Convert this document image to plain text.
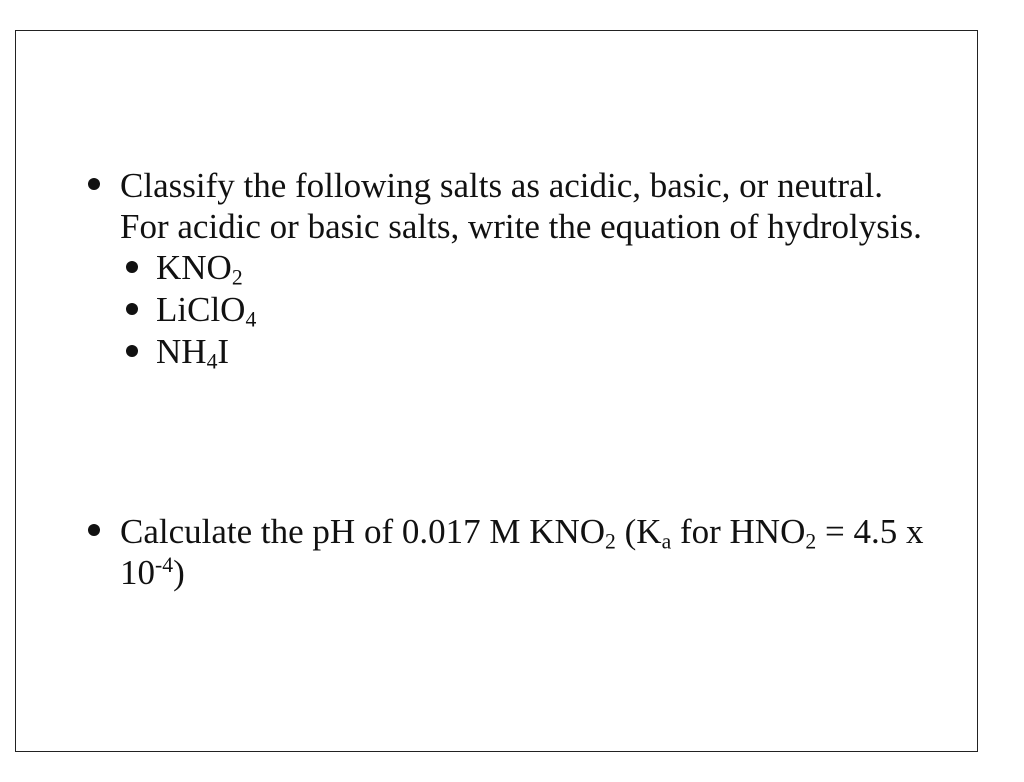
Classify the following salts as acidic, basic, or neutral. For acidic or basic salts, write the equation of hydrolysis.
$KNO_2$
LiClO$_4$
$NH_4I$
Calculate the pH of 0.017 M $KNO_2$ ($K_a$ for $HNO_2 = 4.5$ x $10^{-4}$)
